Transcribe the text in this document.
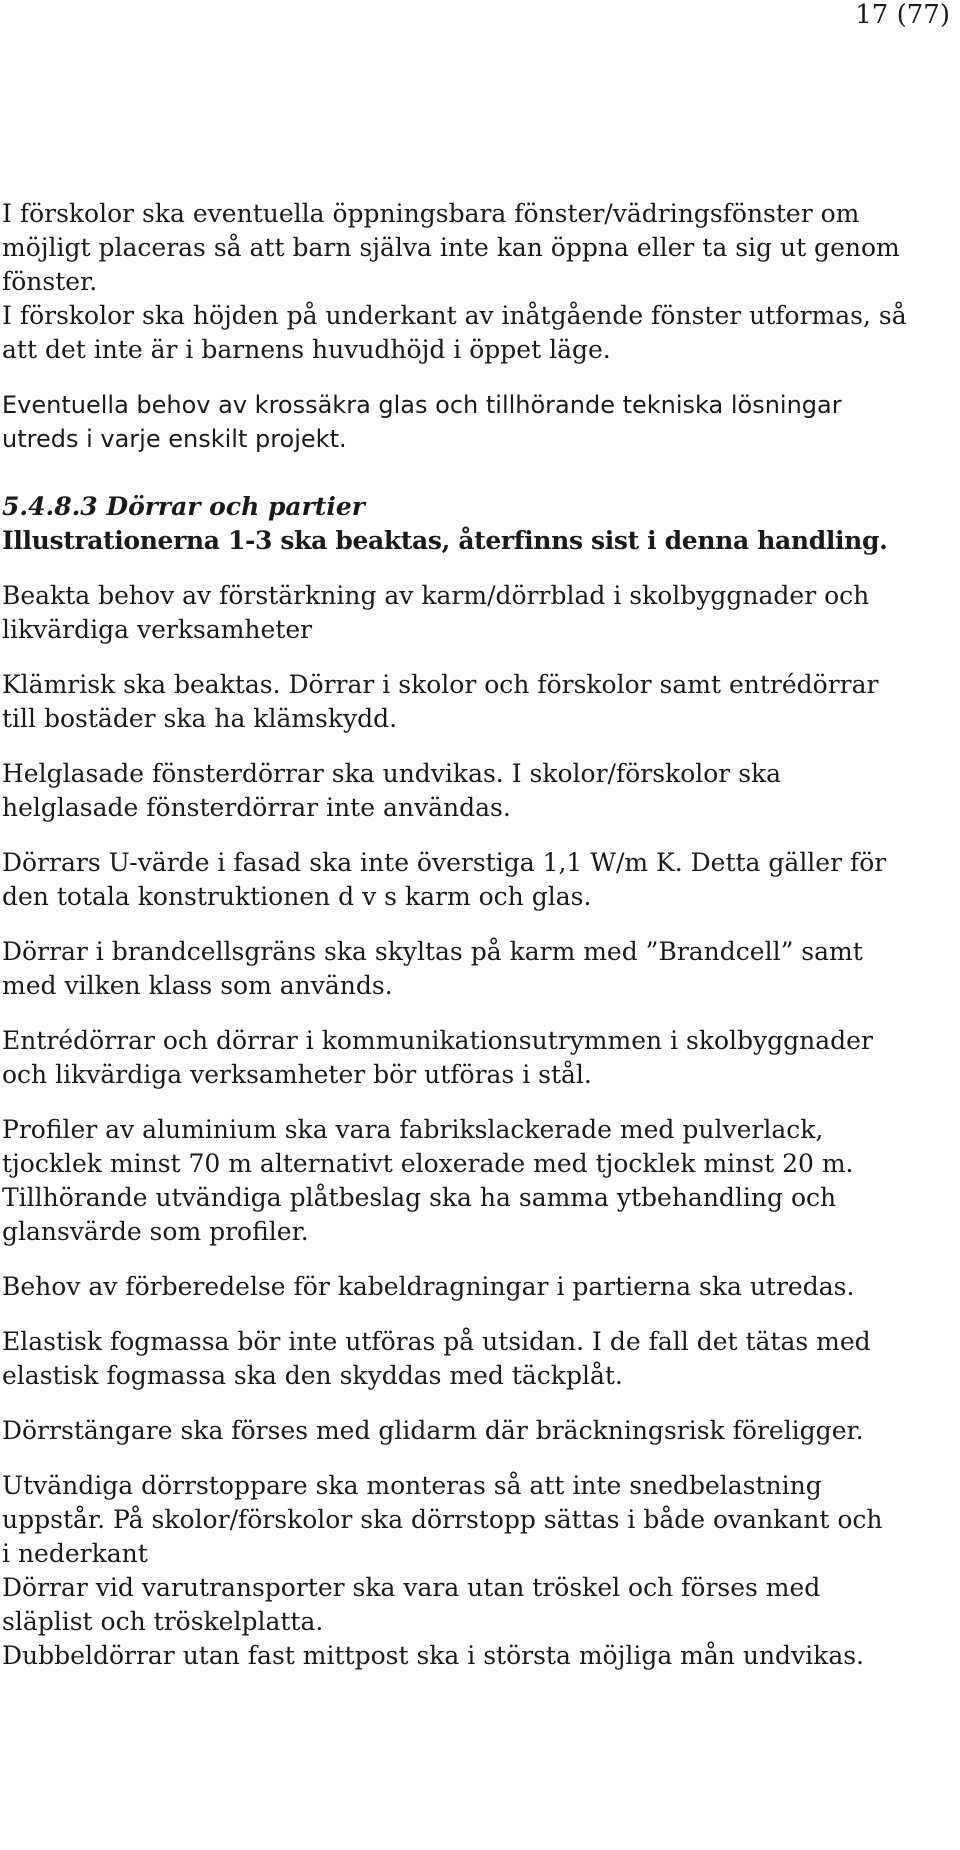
17 (77)
I förskolor ska eventuella öppningsbara fönster/vädringsfönster om
möjligt placeras så att barn själva inte kan öppna eller ta sig ut genom
fönster.
I förskolor ska höjden på underkant av inåtgående fönster utformas, så
att det inte är i barnens huvudhöjd i öppet läge.
Eventuella behov av krossäkra glas och tillhörande tekniska lösningar
utreds i varje enskilt projekt.
5.4.8.3 Dörrar och partier
Illustrationerna 1-3 ska beaktas, återfinns sist i denna handling.
Beakta behov av förstärkning av karm/dörrblad i skolbyggnader och
likvärdiga verksamheter
Klämrisk ska beaktas. Dörrar i skolor och förskolor samt entrédörrar
till bostäder ska ha klämskydd.
Helglasade fönsterdörrar ska undvikas. I skolor/förskolor ska
helglasade fönsterdörrar inte användas.
Dörrars U-värde i fasad ska inte överstiga 1,1 W/m K. Detta gäller för
den totala konstruktionen d v s karm och glas.
Dörrar i brandcellsgräns ska skyltas på karm med ”Brandcell” samt
med vilken klass som används.
Entrédörrar och dörrar i kommunikationsutrymmen i skolbyggnader
och likvärdiga verksamheter bör utföras i stål.
Profiler av aluminium ska vara fabrikslackerade med pulverlack,
tjocklek minst 70 m alternativt eloxerade med tjocklek minst 20 m.
Tillhörande utvändiga plåtbeslag ska ha samma ytbehandling och
glansvärde som profiler.
Behov av förberedelse för kabeldragningar i partierna ska utredas.
Elastisk fogmassa bör inte utföras på utsidan. I de fall det tätas med
elastisk fogmassa ska den skyddas med täckplåt.
Dörrstängare ska förses med glidarm där bräckningsrisk föreligger.
Utvändiga dörrstoppare ska monteras så att inte snedbelastning
uppstår. På skolor/förskolor ska dörrstopp sättas i både ovankant och
i nederkant
Dörrar vid varutransporter ska vara utan tröskel och förses med
släplist och tröskelplatta.
Dubbeldörrar utan fast mittpost ska i största möjliga mån undvikas.
